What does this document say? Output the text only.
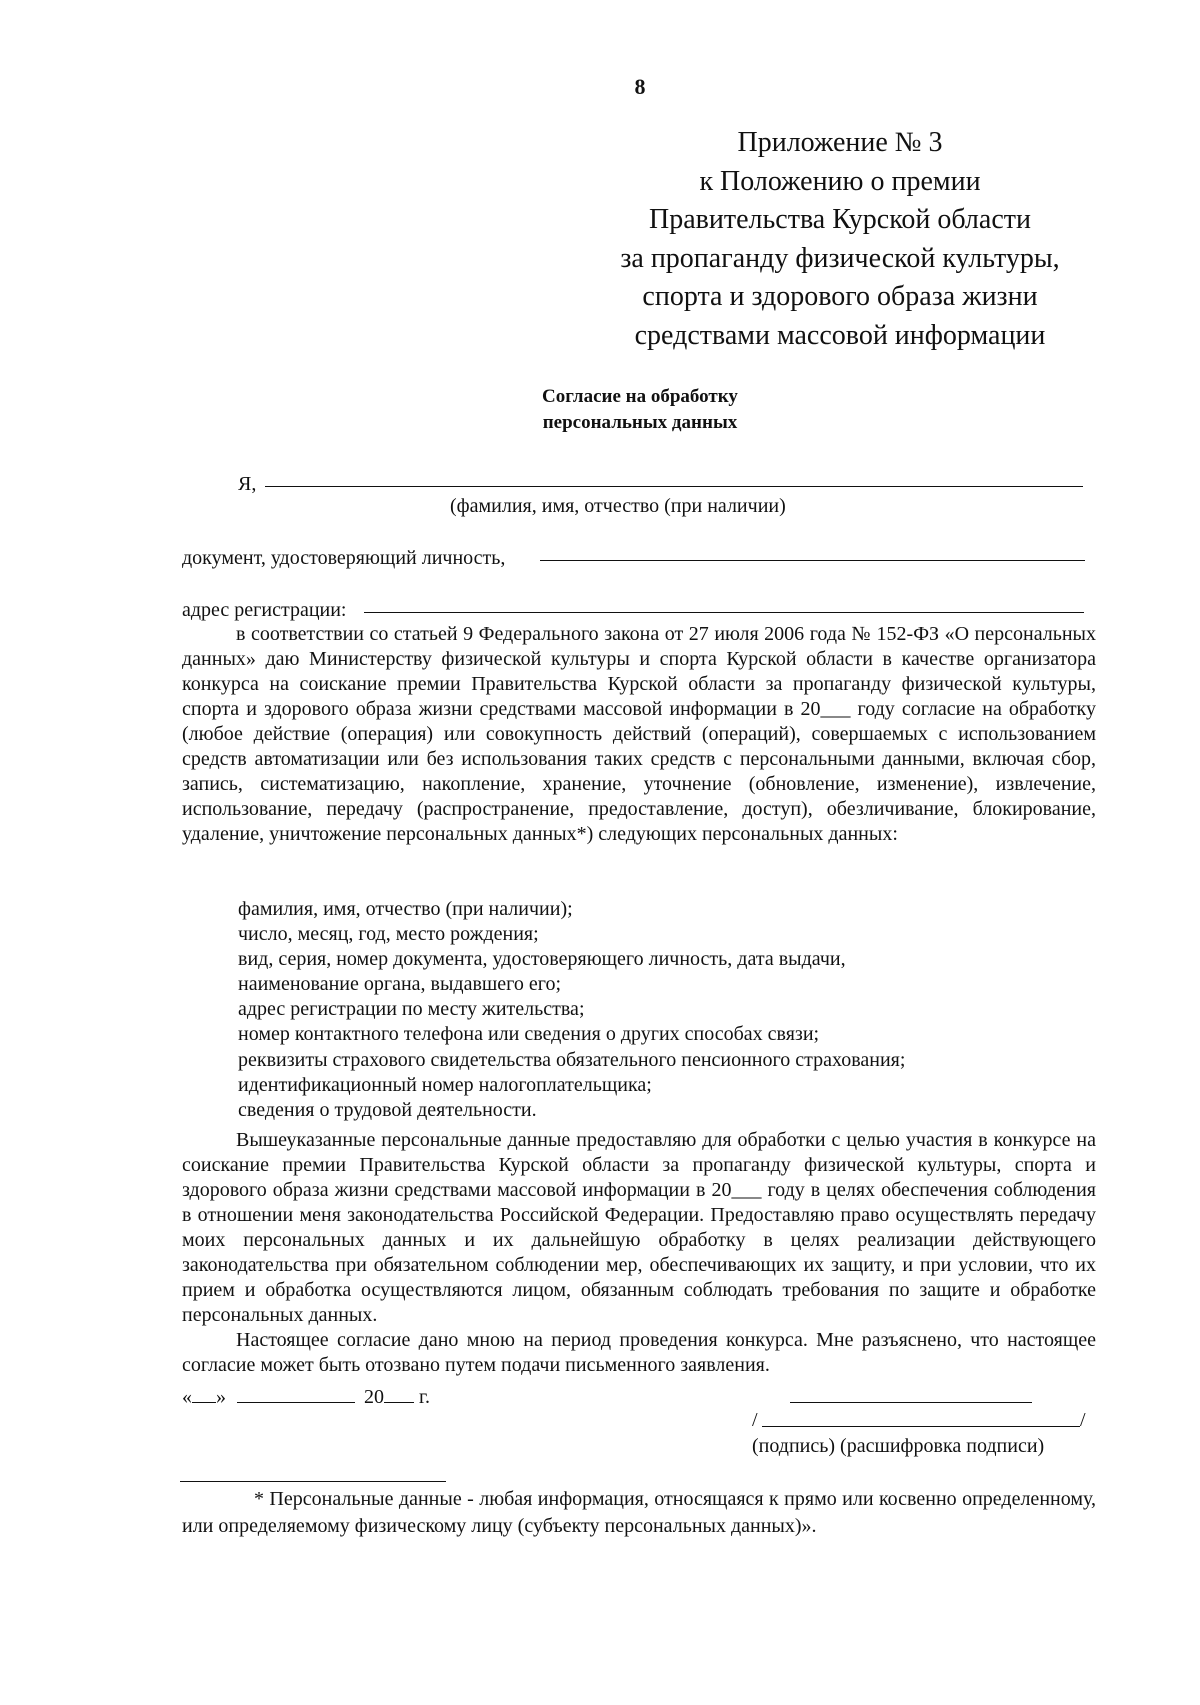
8
Приложение № 3
к Положению о премии
Правительства Курской области
за пропаганду физической культуры,
спорта и здорового образа жизни
средствами массовой информации
Согласие на обработку
персональных данных
Я,
(фамилия, имя, отчество (при наличии)
документ, удостоверяющий личность,
адрес регистрации:

в соответствии со статьей 9 Федерального закона от 27 июля 2006 года № 152-ФЗ «О персональных данных» даю Министерству физической культуры и спорта Курской области в качестве организатора конкурса на соискание премии Правительства Курской области за пропаганду физической культуры, спорта и здорового образа жизни средствами массовой информации в 20___ году согласие на обработку (любое действие (операция) или совокупность действий (операций), совершаемых с использованием средств автоматизации или без использования таких средств с персональными данными, включая сбор, запись, систематизацию, накопление, хранение, уточнение (обновление, изменение), извлечение, использование, передачу (распространение, предоставление, доступ), обезличивание, блокирование, удаление, уничтожение персональных данных*) следующих персональных данных:

фамилия, имя, отчество (при наличии);
число, месяц, год, место рождения;
вид, серия, номер документа, удостоверяющего личность, дата выдачи,
наименование органа, выдавшего его;
адрес регистрации по месту жительства;
номер контактного телефона или сведения о других способах связи;
реквизиты страхового свидетельства обязательного пенсионного страхования;
идентификационный номер налогоплательщика;
сведения о трудовой деятельности.

Вышеуказанные персональные данные предоставляю для обработки с целью участия в конкурсе на соискание премии Правительства Курской области за пропаганду физической культуры, спорта и здорового образа жизни средствами массовой информации в 20___ году в целях обеспечения соблюдения в отношении меня законодательства Российской Федерации. Предоставляю право осуществлять передачу моих персональных данных и их дальнейшую обработку в целях реализации действующего законодательства при обязательном соблюдении мер, обеспечивающих их защиту, и при условии, что их прием и обработка осуществляются лицом, обязанным соблюдать требования по защите и обработке персональных данных.

Настоящее согласие дано мною на период проведения конкурса. Мне разъяснено, что настоящее согласие может быть отозвано путем подачи письменного заявления.

« »	20 г.
/	/
(подпись) (расшифровка подписи)

* Персональные данные - любая информация, относящаяся к прямо или косвенно определенному, или определяемому физическому лицу (субъекту персональных данных)».
